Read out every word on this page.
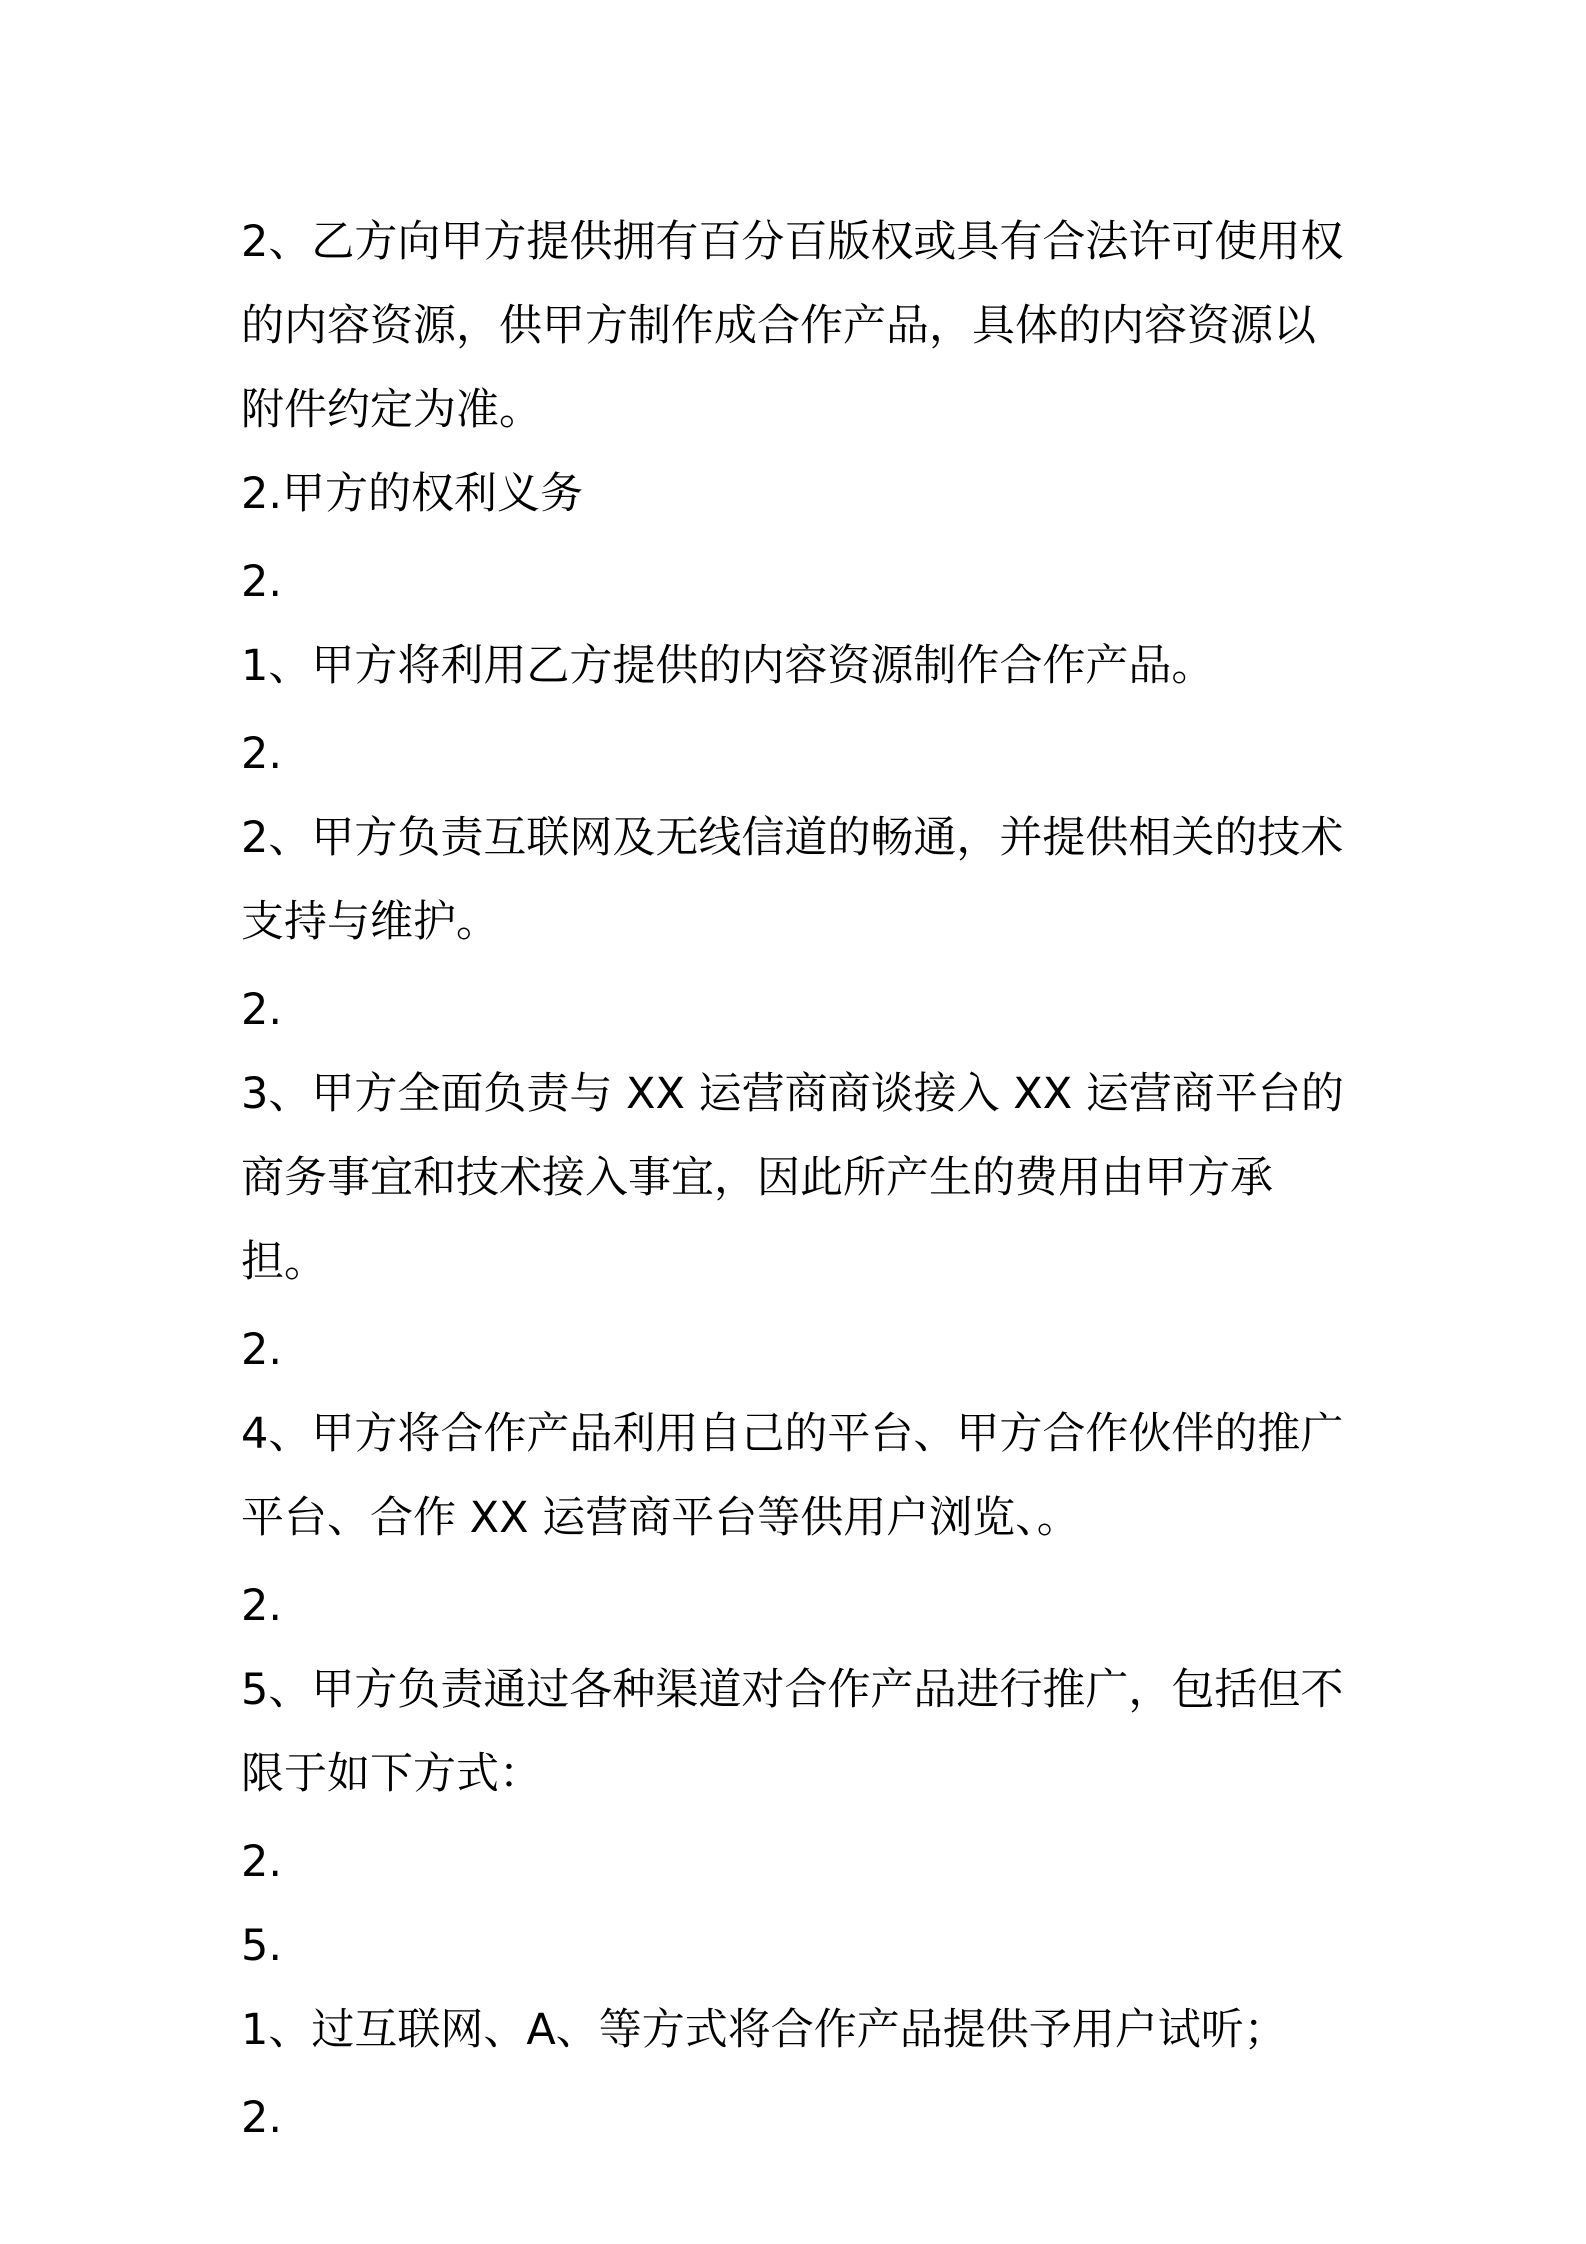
2、乙方向甲方提供拥有百分百版权或具有合法许可使用权的内容资源，供甲方制作成合作产品，具体的内容资源以附件约定为准。

2.甲方的权利义务

2.

1、甲方将利用乙方提供的内容资源制作合作产品。

2.

2、甲方负责互联网及无线信道的畅通，并提供相关的技术支持与维护。

2.

3、甲方全面负责与 XX 运营商商谈接入 XX 运营商平台的商务事宜和技术接入事宜，因此所产生的费用由甲方承担。

2.

4、甲方将合作产品利用自己的平台、甲方合作伙伴的推广平台、合作 XX 运营商平台等供用户浏览、。

2.

5、甲方负责通过各种渠道对合作产品进行推广，包括但不限于如下方式：

2.

5.

1、过互联网、A、等方式将合作产品提供予用户试听；

2.
